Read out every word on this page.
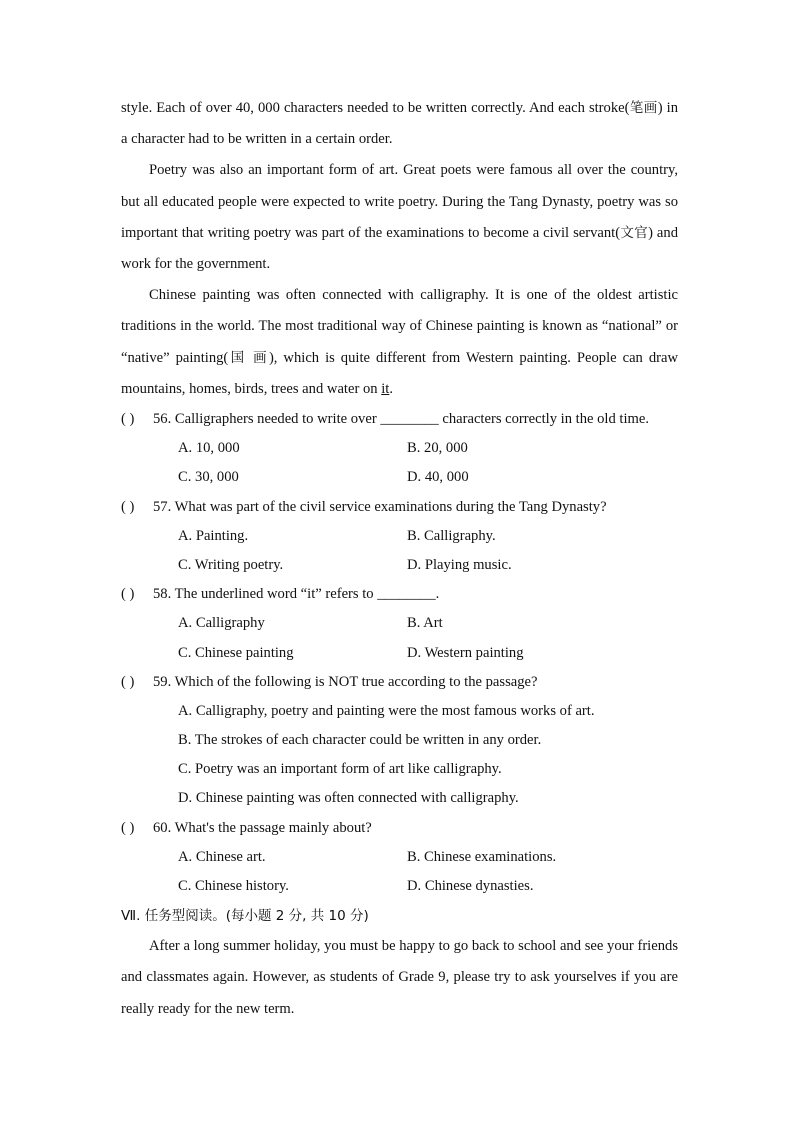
style. Each of over 40, 000 characters needed to be written correctly. And each stroke(笔画) in a character had to be written in a certain order.

Poetry was also an important form of art. Great poets were famous all over the country, but all educated people were expected to write poetry. During the Tang Dynasty, poetry was so important that writing poetry was part of the examinations to become a civil servant(文官) and work for the government.

Chinese painting was often connected with calligraphy. It is one of the oldest artistic traditions in the world. The most traditional way of Chinese painting is known as “national” or “native” painting(国 画), which is quite different from Western painting. People can draw mountains, homes, birds, trees and water on it.

( ) 56. Calligraphers needed to write over ________ characters correctly in the old time.
A. 10, 000	B. 20, 000
C. 30, 000	D. 40, 000
( ) 57. What was part of the civil service examinations during the Tang Dynasty?
A. Painting.	B. Calligraphy.
C. Writing poetry.	D. Playing music.
( ) 58. The underlined word “it” refers to ________.
A. Calligraphy	B. Art
C. Chinese painting	D. Western painting
( ) 59. Which of the following is NOT true according to the passage?
A. Calligraphy, poetry and painting were the most famous works of art.
B. The strokes of each character could be written in any order.
C. Poetry was an important form of art like calligraphy.
D. Chinese painting was often connected with calligraphy.
( ) 60. What's the passage mainly about?
A. Chinese art.	B. Chinese examinations.
C. Chinese history.	D. Chinese dynasties.
Ⅶ. 任务型阅读。(每小题 2 分, 共 10 分)

After a long summer holiday, you must be happy to go back to school and see your friends and classmates again. However, as students of Grade 9, please try to ask yourselves if you are really ready for the new term.
